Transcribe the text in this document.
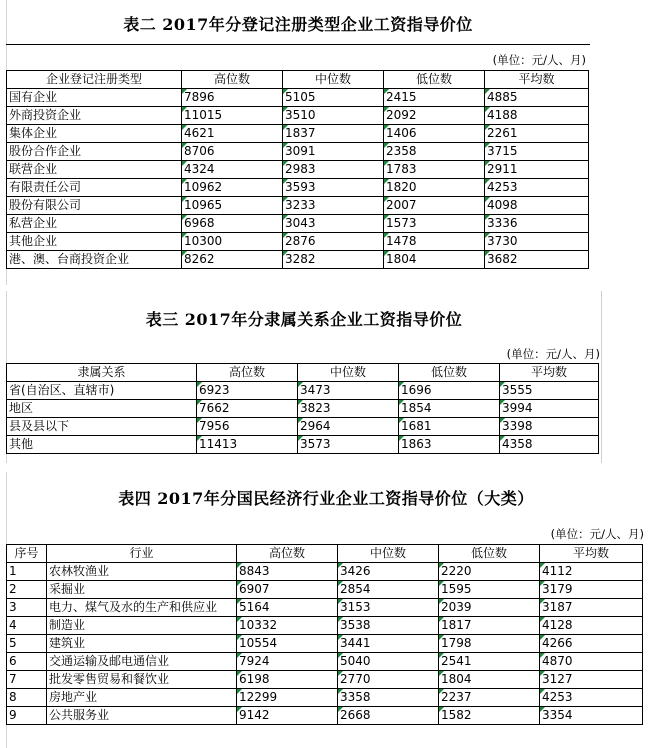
表二 2017年分登记注册类型企业工资指导价位
(单位：元/人、月)
企业登记注册类型	高位数	中位数	低位数	平均数
国有企业	7896	5105	2415	4885
外商投资企业	11015	3510	2092	4188
集体企业	4621	1837	1406	2261
股份合作企业	8706	3091	2358	3715
联营企业	4324	2983	1783	2911
有限责任公司	10962	3593	1820	4253
股份有限公司	10965	3233	2007	4098
私营企业	6968	3043	1573	3336
其他企业	10300	2876	1478	3730
港、澳、台商投资企业	8262	3282	1804	3682
表三 2017年分隶属关系企业工资指导价位
(单位：元/人、月)
隶属关系	高位数	中位数	低位数	平均数
省(自治区、直辖市)	6923	3473	1696	3555
地区	7662	3823	1854	3994
县及县以下	7956	2964	1681	3398
其他	11413	3573	1863	4358
表四 2017年分国民经济行业企业工资指导价位（大类）
(单位：元/人、月)
序号	行业	高位数	中位数	低位数	平均数
1	农林牧渔业	8843	3426	2220	4112
2	采掘业	6907	2854	1595	3179
3	电力、煤气及水的生产和供应业	5164	3153	2039	3187
4	制造业	10332	3538	1817	4128
5	建筑业	10554	3441	1798	4266
6	交通运输及邮电通信业	7924	5040	2541	4870
7	批发零售贸易和餐饮业	6198	2770	1804	3127
8	房地产业	12299	3358	2237	4253
9	公共服务业	9142	2668	1582	3354
